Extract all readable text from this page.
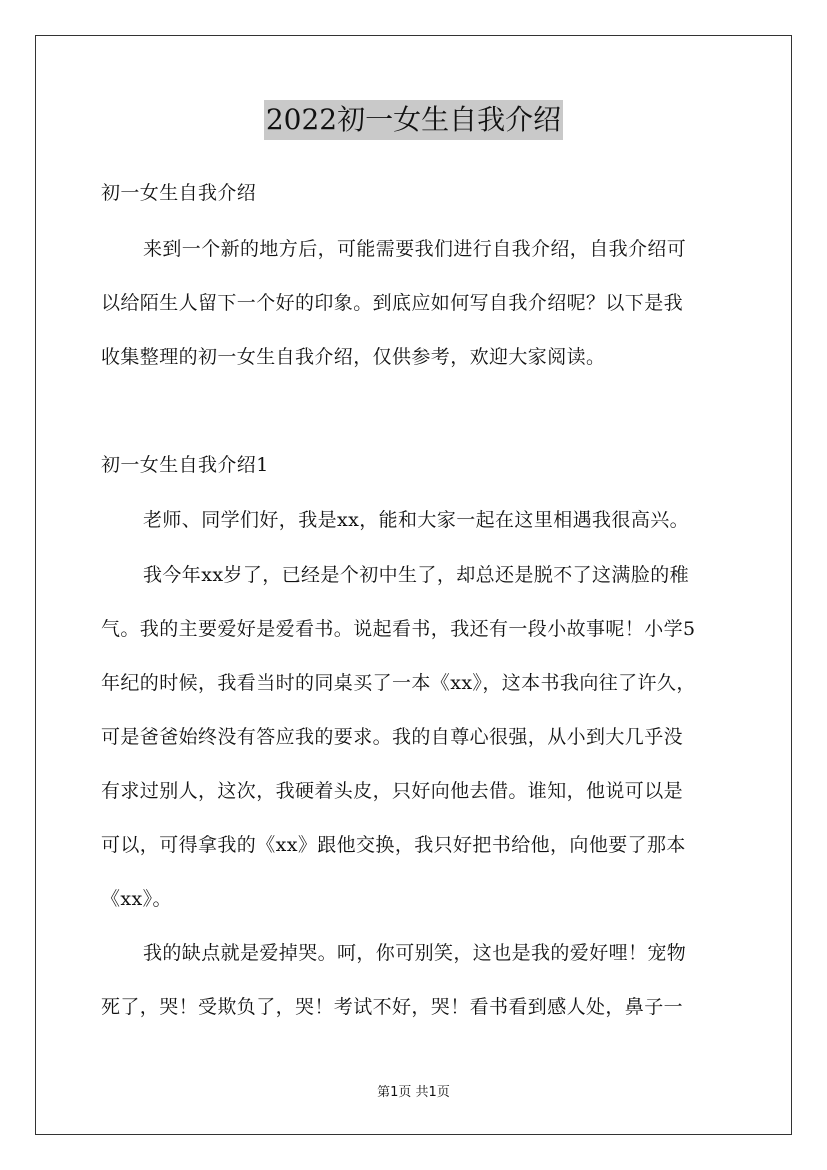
2022初一女生自我介绍
初一女生自我介绍
来到一个新的地方后，可能需要我们进行自我介绍，自我介绍可
以给陌生人留下一个好的印象。到底应如何写自我介绍呢？以下是我
收集整理的初一女生自我介绍，仅供参考，欢迎大家阅读。
初一女生自我介绍1
老师、同学们好，我是xx，能和大家一起在这里相遇我很高兴。
我今年xx岁了，已经是个初中生了，却总还是脱不了这满脸的稚
气。我的主要爱好是爱看书。说起看书，我还有一段小故事呢！小学5
年纪的时候，我看当时的同桌买了一本《xx》，这本书我向往了许久，
可是爸爸始终没有答应我的要求。我的自尊心很强，从小到大几乎没
有求过别人，这次，我硬着头皮，只好向他去借。谁知，他说可以是
可以，可得拿我的《xx》跟他交换，我只好把书给他，向他要了那本
《xx》。
我的缺点就是爱掉哭。呵，你可别笑，这也是我的爱好哩！宠物
死了，哭！受欺负了，哭！考试不好，哭！看书看到感人处，鼻子一
第1页 共1页
